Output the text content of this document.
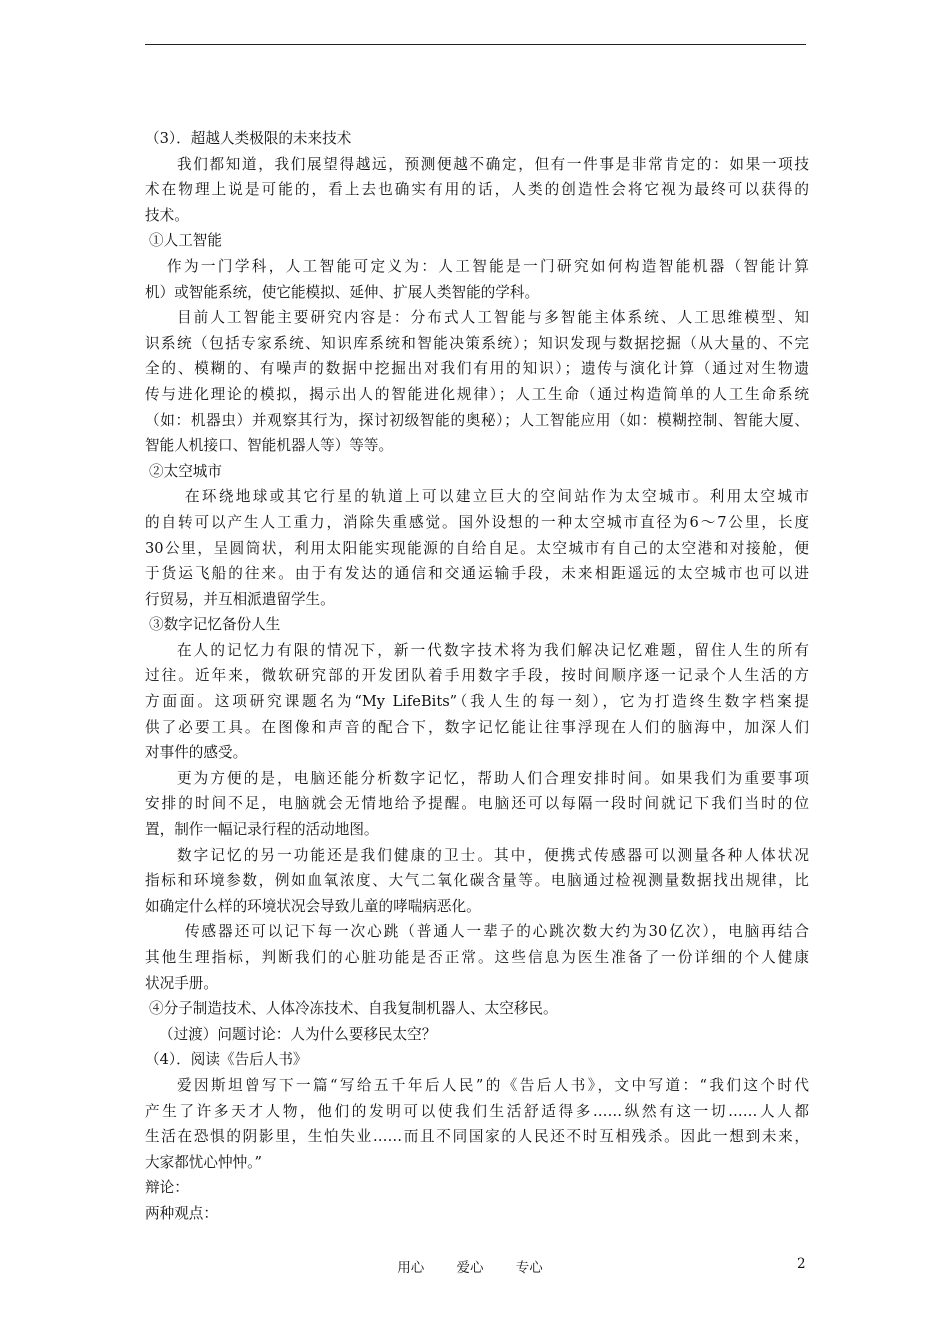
（3）．超越人类极限的未来技术
我们都知道，我们展望得越远，预测便越不确定，但有一件事是非常肯定的：如果一项技
术在物理上说是可能的，看上去也确实有用的话，人类的创造性会将它视为最终可以获得的
技术。
①人工智能
作为一门学科，人工智能可定义为：人工智能是一门研究如何构造智能机器（智能计算
机）或智能系统，使它能模拟、延伸、扩展人类智能的学科。
目前人工智能主要研究内容是：分布式人工智能与多智能主体系统、人工思维模型、知
识系统（包括专家系统、知识库系统和智能决策系统）；知识发现与数据挖掘（从大量的、不完
全的、模糊的、有噪声的数据中挖掘出对我们有用的知识）；遗传与演化计算（通过对生物遗
传与进化理论的模拟，揭示出人的智能进化规律）；人工生命（通过构造简单的人工生命系统
（如：机器虫）并观察其行为，探讨初级智能的奥秘）；人工智能应用（如：模糊控制、智能大厦、
智能人机接口、智能机器人等）等等。
②太空城市
在环绕地球或其它行星的轨道上可以建立巨大的空间站作为太空城市。利用太空城市
的自转可以产生人工重力，消除失重感觉。国外设想的一种太空城市直径为6～7公里，长度
30公里，呈圆筒状，利用太阳能实现能源的自给自足。太空城市有自己的太空港和对接舱，便
于货运飞船的往来。由于有发达的通信和交通运输手段，未来相距遥远的太空城市也可以进
行贸易，并互相派遣留学生。
③数字记忆备份人生
在人的记忆力有限的情况下，新一代数字技术将为我们解决记忆难题，留住人生的所有
过往。近年来，微软研究部的开发团队着手用数字手段，按时间顺序逐一记录个人生活的方
方面面。这项研究课题名为“My LifeBits”（我人生的每一刻），它为打造终生数字档案提
供了必要工具。在图像和声音的配合下，数字记忆能让往事浮现在人们的脑海中，加深人们
对事件的感受。
更为方便的是，电脑还能分析数字记忆，帮助人们合理安排时间。如果我们为重要事项
安排的时间不足，电脑就会无情地给予提醒。电脑还可以每隔一段时间就记下我们当时的位
置，制作一幅记录行程的活动地图。
数字记忆的另一功能还是我们健康的卫士。其中，便携式传感器可以测量各种人体状况
指标和环境参数，例如血氧浓度、大气二氧化碳含量等。电脑通过检视测量数据找出规律，比
如确定什么样的环境状况会导致儿童的哮喘病恶化。
传感器还可以记下每一次心跳（普通人一辈子的心跳次数大约为30亿次），电脑再结合
其他生理指标，判断我们的心脏功能是否正常。这些信息为医生准备了一份详细的个人健康
状况手册。
④分子制造技术、人体冷冻技术、自我复制机器人、太空移民。
（过渡）问题讨论：人为什么要移民太空？
（4）．阅读《告后人书》
爱因斯坦曾写下一篇“写给五千年后人民”的《告后人书》，文中写道：“我们这个时代
产生了许多天才人物，他们的发明可以使我们生活舒适得多……纵然有这一切……人人都
生活在恐惧的阴影里，生怕失业……而且不同国家的人民还不时互相残杀。因此一想到未来，
大家都忧心忡忡。”
辩论：
两种观点：
用心 爱心 专心	2
